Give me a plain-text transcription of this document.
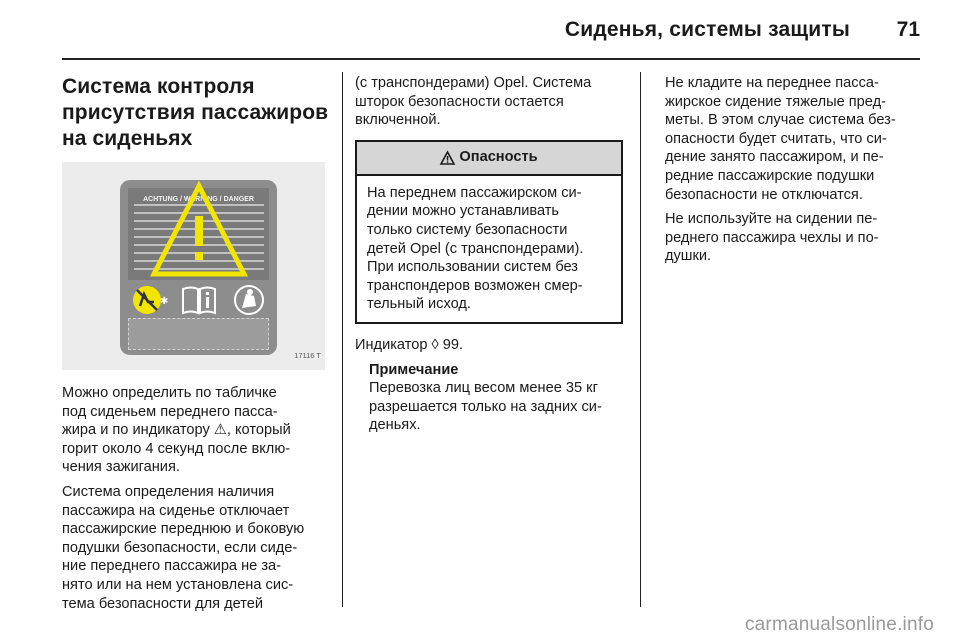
Сиденья, системы защиты 71
Система контроля
присутствия пассажиров
на сиденьях
ACHTUNG / WARNING / DANGER
✱
17116 T

Можно определить по табличке
под сиденьем переднего пасса-
жира и по индикатору ⚠, который
горит около 4 секунд после вклю-
чения зажигания.

Система определения наличия
пассажира на сиденье отключает
пассажирские переднюю и боковую
подушки безопасности, если сиде-
ние переднего пассажира не за-
нято или на нем установлена сис-
тема безопасности для детей

(с транспондерами) Opel. Система
шторок безопасности остается
включенной.

Опасность
На переднем пассажирском си-
дении можно устанавливать
только систему безопасности
детей Opel (с транспондерами).
При использовании систем без
транспондеров возможен смер-
тельный исход.

Индикатор ◊ 99.

Примечание
Перевозка лиц весом менее 35 кг
разрешается только на задних си-
деньях.

Не кладите на переднее пасса-
жирское сидение тяжелые пред-
меты. В этом случае система без-
опасности будет считать, что си-
дение занято пассажиром, и пе-
редние пассажирские подушки
безопасности не отключатся.

Не используйте на сидении пе-
реднего пассажира чехлы и по-
душки.

carmanualsonline.info
